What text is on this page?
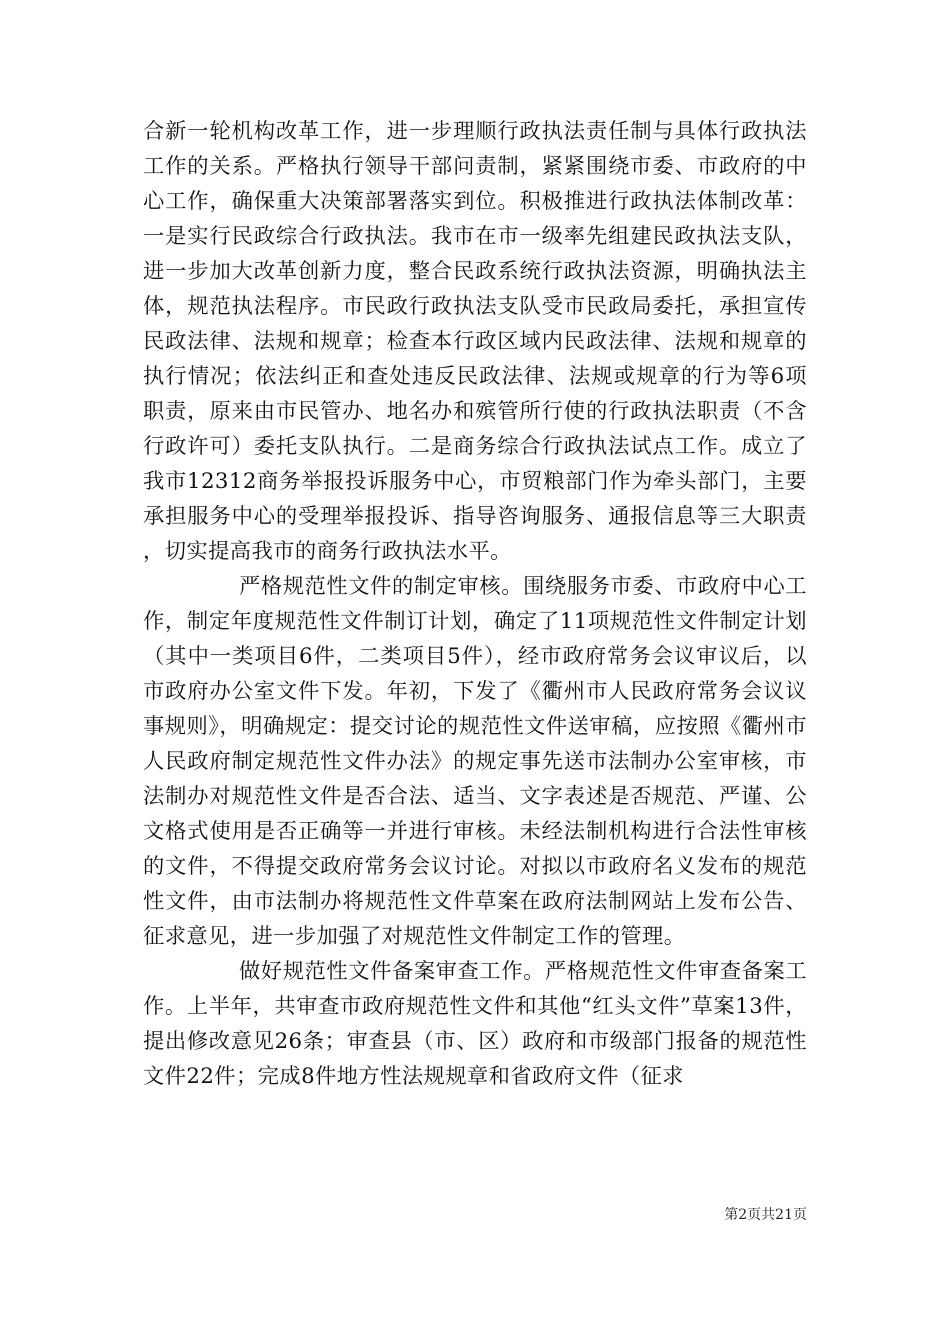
合新一轮机构改革工作，进一步理顺行政执法责任制与具体行政执法工作的关系。严格执行领导干部问责制，紧紧围绕市委、市政府的中心工作，确保重大决策部署落实到位。积极推进行政执法体制改革：一是实行民政综合行政执法。我市在市一级率先组建民政执法支队，进一步加大改革创新力度，整合民政系统行政执法资源，明确执法主体，规范执法程序。市民政行政执法支队受市民政局委托，承担宣传民政法律、法规和规章；检查本行政区域内民政法律、法规和规章的执行情况；依法纠正和查处违反民政法律、法规或规章的行为等6项职责，原来由市民管办、地名办和殡管所行使的行政执法职责（不含行政许可）委托支队执行。二是商务综合行政执法试点工作。成立了我市12312商务举报投诉服务中心，市贸粮部门作为牵头部门，主要承担服务中心的受理举报投诉、指导咨询服务、通报信息等三大职责，切实提高我市的商务行政执法水平。

严格规范性文件的制定审核。围绕服务市委、市政府中心工作，制定年度规范性文件制订计划，确定了11项规范性文件制定计划（其中一类项目6件，二类项目5件），经市政府常务会议审议后，以市政府办公室文件下发。年初，下发了《衢州市人民政府常务会议议事规则》，明确规定：提交讨论的规范性文件送审稿，应按照《衢州市人民政府制定规范性文件办法》的规定事先送市法制办公室审核，市法制办对规范性文件是否合法、适当、文字表述是否规范、严谨、公文格式使用是否正确等一并进行审核。未经法制机构进行合法性审核的文件，不得提交政府常务会议讨论。对拟以市政府名义发布的规范性文件，由市法制办将规范性文件草案在政府法制网站上发布公告、征求意见，进一步加强了对规范性文件制定工作的管理。

做好规范性文件备案审查工作。严格规范性文件审查备案工作。上半年，共审查市政府规范性文件和其他“红头文件”草案13件，提出修改意见26条；审查县（市、区）政府和市级部门报备的规范性文件22件；完成8件地方性法规规章和省政府文件（征求

第2页共21页
